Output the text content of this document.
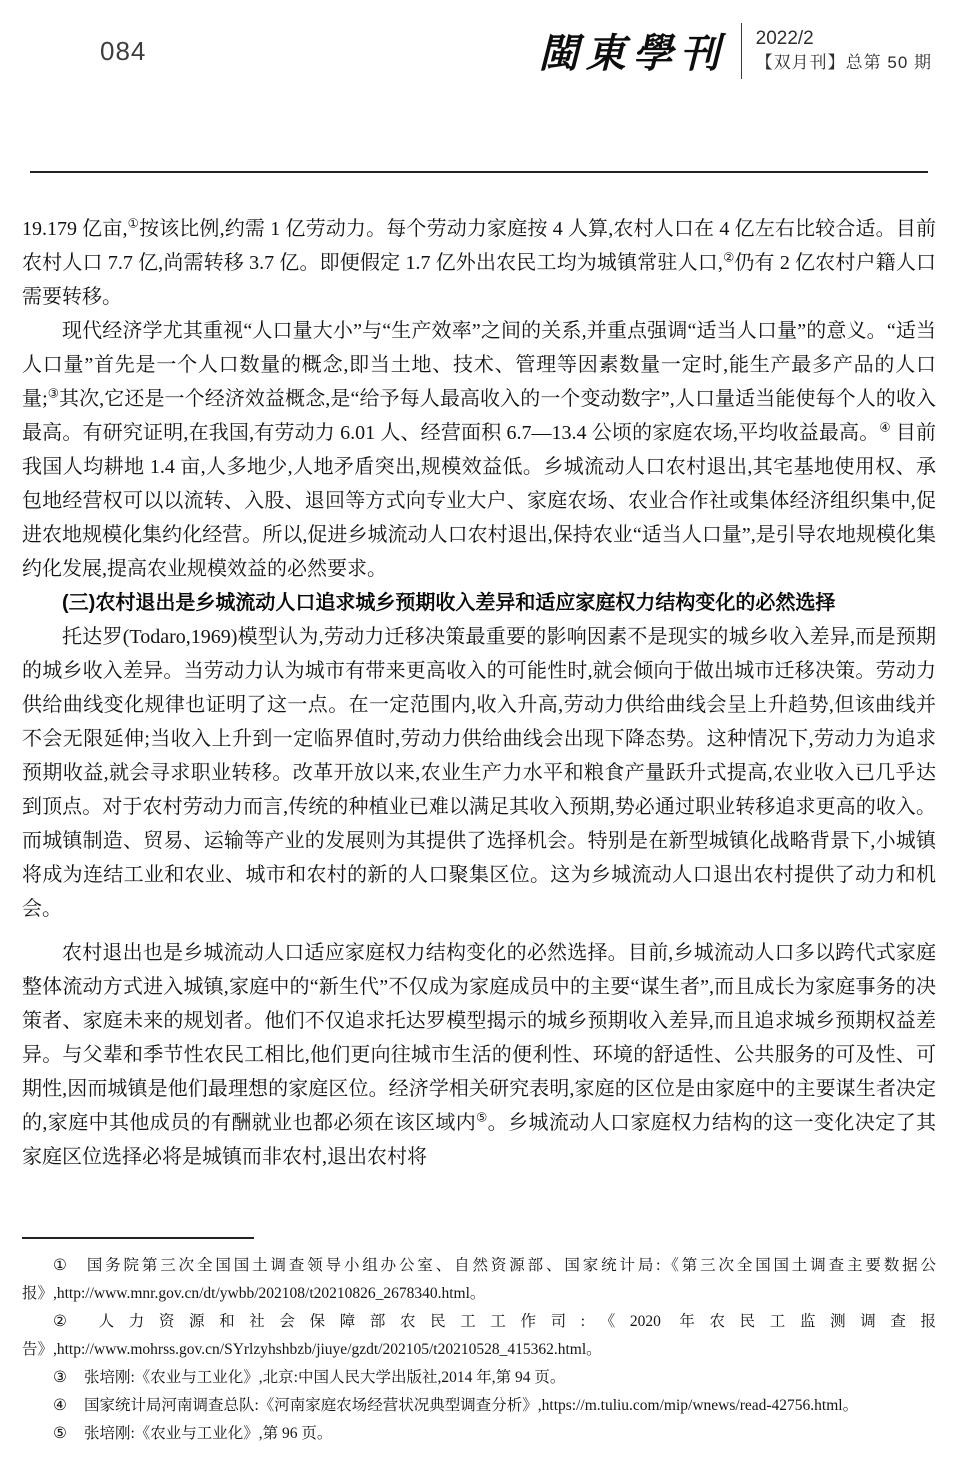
084	閩東學刊 2022/2
【双月刊】总第 50 期

19.179 亿亩,①按该比例,约需 1 亿劳动力。每个劳动力家庭按 4 人算,农村人口在 4 亿左右比较合适。目前农村人口 7.7 亿,尚需转移 3.7 亿。即便假定 1.7 亿外出农民工均为城镇常驻人口,②仍有 2 亿农村户籍人口需要转移。

现代经济学尤其重视“人口量大小”与“生产效率”之间的关系,并重点强调“适当人口量”的意义。“适当人口量”首先是一个人口数量的概念,即当土地、技术、管理等因素数量一定时,能生产最多产品的人口量;③其次,它还是一个经济效益概念,是“给予每人最高收入的一个变动数字”,人口量适当能使每个人的收入最高。有研究证明,在我国,有劳动力 6.01 人、经营面积 6.7—13.4 公顷的家庭农场,平均收益最高。④ 目前我国人均耕地 1.4 亩,人多地少,人地矛盾突出,规模效益低。乡城流动人口农村退出,其宅基地使用权、承包地经营权可以以流转、入股、退回等方式向专业大户、家庭农场、农业合作社或集体经济组织集中,促进农地规模化集约化经营。所以,促进乡城流动人口农村退出,保持农业“适当人口量”,是引导农地规模化集约化发展,提高农业规模效益的必然要求。

(三)农村退出是乡城流动人口追求城乡预期收入差异和适应家庭权力结构变化的必然选择

托达罗(Todaro,1969)模型认为,劳动力迁移决策最重要的影响因素不是现实的城乡收入差异,而是预期的城乡收入差异。当劳动力认为城市有带来更高收入的可能性时,就会倾向于做出城市迁移决策。劳动力供给曲线变化规律也证明了这一点。在一定范围内,收入升高,劳动力供给曲线会呈上升趋势,但该曲线并不会无限延伸;当收入上升到一定临界值时,劳动力供给曲线会出现下降态势。这种情况下,劳动力为追求预期收益,就会寻求职业转移。改革开放以来,农业生产力水平和粮食产量跃升式提高,农业收入已几乎达到顶点。对于农村劳动力而言,传统的种植业已难以满足其收入预期,势必通过职业转移追求更高的收入。而城镇制造、贸易、运输等产业的发展则为其提供了选择机会。特别是在新型城镇化战略背景下,小城镇将成为连结工业和农业、城市和农村的新的人口聚集区位。这为乡城流动人口退出农村提供了动力和机会。

农村退出也是乡城流动人口适应家庭权力结构变化的必然选择。目前,乡城流动人口多以跨代式家庭整体流动方式进入城镇,家庭中的“新生代”不仅成为家庭成员中的主要“谋生者”,而且成长为家庭事务的决策者、家庭未来的规划者。他们不仅追求托达罗模型揭示的城乡预期收入差异,而且追求城乡预期权益差异。与父辈和季节性农民工相比,他们更向往城市生活的便利性、环境的舒适性、公共服务的可及性、可期性,因而城镇是他们最理想的家庭区位。经济学相关研究表明,家庭的区位是由家庭中的主要谋生者决定的,家庭中其他成员的有酬就业也都必须在该区域内⑤。乡城流动人口家庭权力结构的这一变化决定了其家庭区位选择必将是城镇而非农村,退出农村将

① 国务院第三次全国国土调查领导小组办公室、自然资源部、国家统计局:《第三次全国国土调查主要数据公报》,http://www.mnr.gov.cn/dt/ywbb/202108/t20210826_2678340.html。
② 人力资源和社会保障部农民工工作司:《2020 年农民工监测调查报告》,http://www.mohrss.gov.cn/SYrlzyhshbzb/jiuye/gzdt/202105/t20210528_415362.html。
③ 张培刚:《农业与工业化》,北京:中国人民大学出版社,2014 年,第 94 页。
④ 国家统计局河南调查总队:《河南家庭农场经营状况典型调查分析》,https://m.tuliu.com/mip/wnews/read-42756.html。
⑤ 张培刚:《农业与工业化》,第 96 页。
